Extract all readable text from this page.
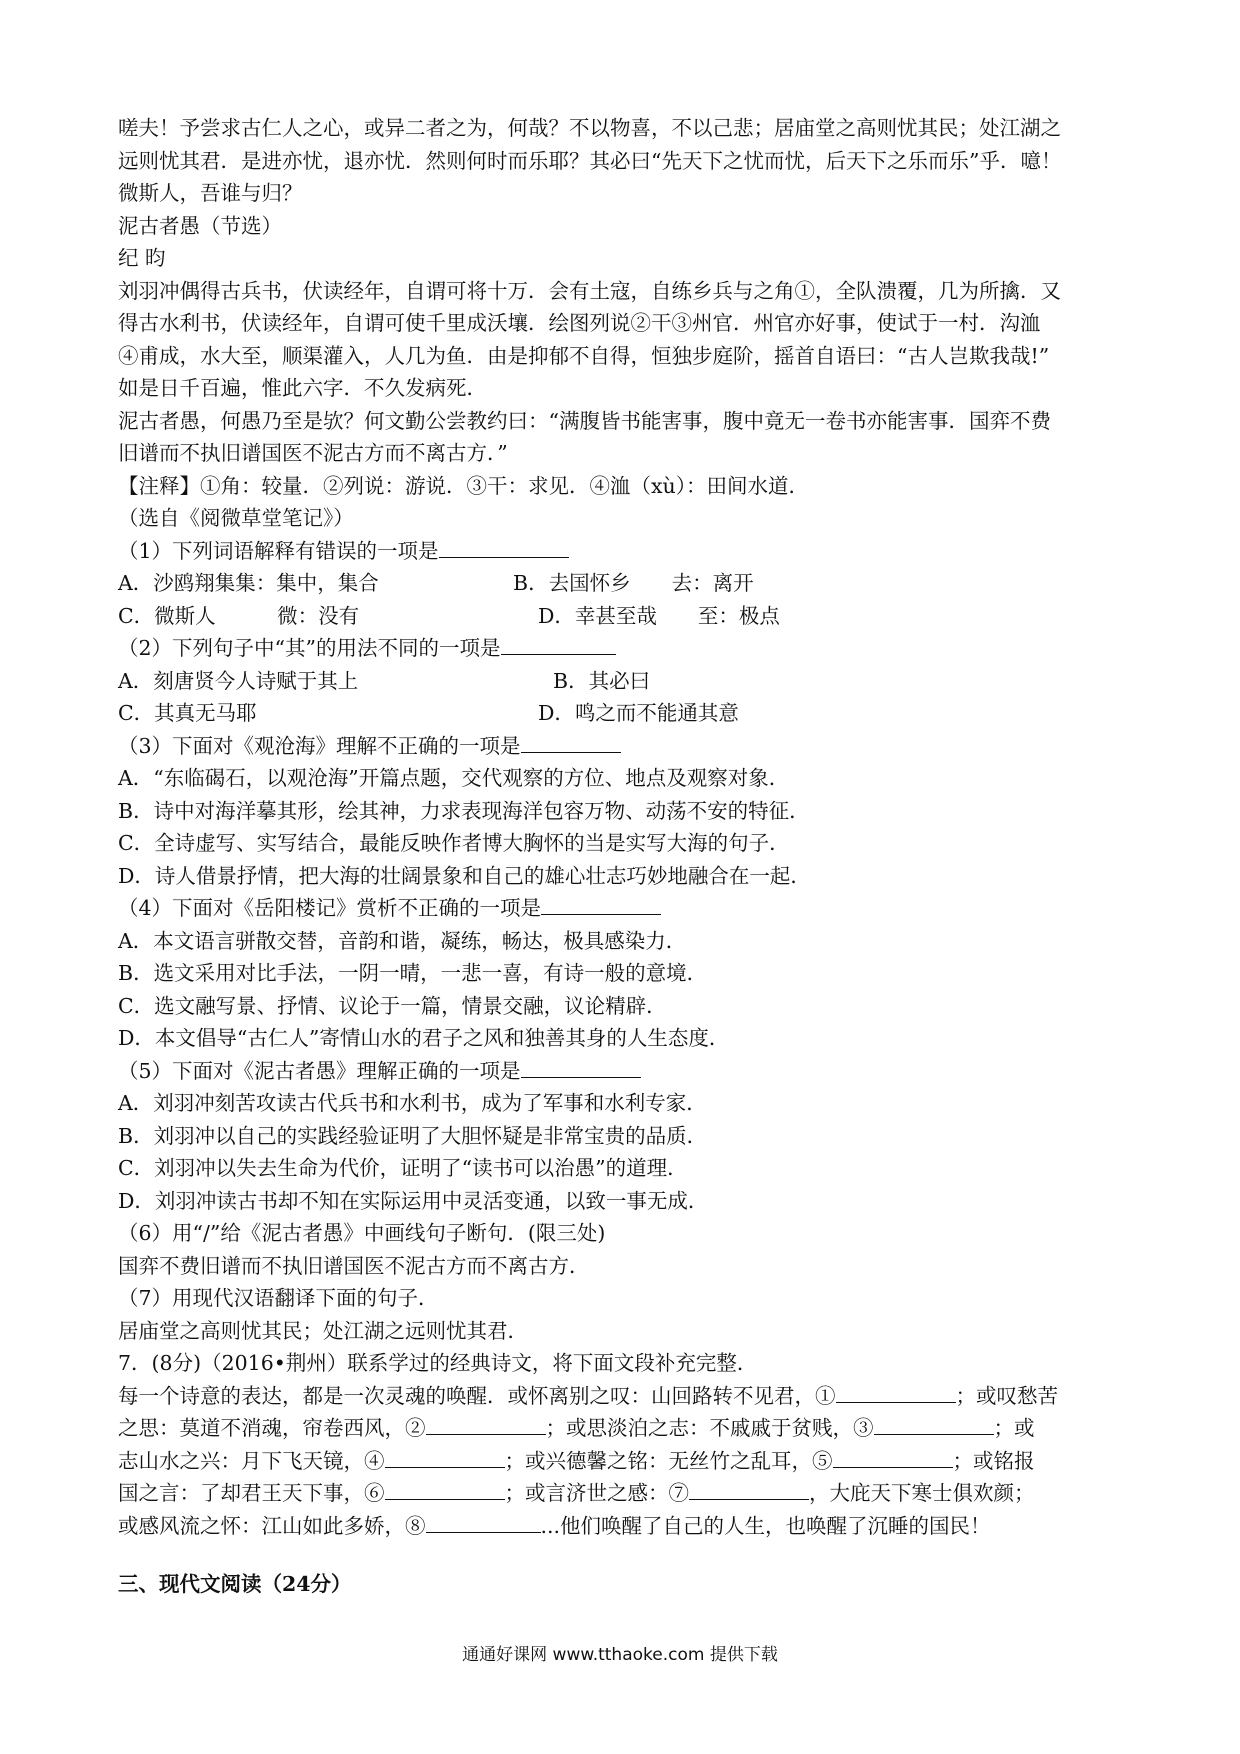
嗟夫！予尝求古仁人之心，或异二者之为，何哉？不以物喜，不以己悲；居庙堂之高则忧其民；处江湖之
远则忧其君．是进亦忧，退亦忧．然则何时而乐耶？其必曰“先天下之忧而忧，后天下之乐而乐”乎．噫！
微斯人，吾谁与归？
泥古者愚（节选）
纪 昀
刘羽冲偶得古兵书，伏读经年，自谓可将十万．会有土寇，自练乡兵与之角①，全队溃覆，几为所擒．又
得古水利书，伏读经年，自谓可使千里成沃壤．绘图列说②干③州官．州官亦好事，使试于一村．沟洫
④甫成，水大至，顺渠灌入，人几为鱼．由是抑郁不自得，恒独步庭阶，摇首自语曰：“古人岂欺我哉!”
如是日千百遍，惟此六字．不久发病死．
泥古者愚，何愚乃至是欤？何文勤公尝教约曰：“满腹皆书能害事，腹中竟无一卷书亦能害事．国弈不费
旧谱而不执旧谱国医不泥古方而不离古方．”
【注释】①角：较量．②列说：游说．③干：求见．④洫（xù）：田间水道．
（选自《阅微草堂笔记》）
（1）下列词语解释有错误的一项是
A．沙鸥翔集集：集中，集合	B．去国怀乡　　去：离开
C．微斯人　　　微：没有	D．幸甚至哉　　至：极点
（2）下列句子中“其”的用法不同的一项是
A．刻唐贤今人诗赋于其上	B．其必曰
C．其真无马耶	D．鸣之而不能通其意
（3）下面对《观沧海》理解不正确的一项是
A．“东临碣石，以观沧海”开篇点题，交代观察的方位、地点及观察对象．
B．诗中对海洋摹其形，绘其神，力求表现海洋包容万物、动荡不安的特征．
C．全诗虚写、实写结合，最能反映作者博大胸怀的当是实写大海的句子．
D．诗人借景抒情，把大海的壮阔景象和自己的雄心壮志巧妙地融合在一起．
（4）下面对《岳阳楼记》赏析不正确的一项是
A．本文语言骈散交替，音韵和谐，凝练，畅达，极具感染力．
B．选文采用对比手法，一阴一晴，一悲一喜，有诗一般的意境．
C．选文融写景、抒情、议论于一篇，情景交融，议论精辟．
D．本文倡导“古仁人”寄情山水的君子之风和独善其身的人生态度．
（5）下面对《泥古者愚》理解正确的一项是
A．刘羽冲刻苦攻读古代兵书和水利书，成为了军事和水利专家．
B．刘羽冲以自己的实践经验证明了大胆怀疑是非常宝贵的品质．
C．刘羽冲以失去生命为代价，证明了“读书可以治愚”的道理．
D．刘羽冲读古书却不知在实际运用中灵活变通，以致一事无成．
（6）用“/”给《泥古者愚》中画线句子断句．(限三处)
国弈不费旧谱而不执旧谱国医不泥古方而不离古方．
（7）用现代汉语翻译下面的句子．
居庙堂之高则忧其民；处江湖之远则忧其君．
7．(8分)（2016•荆州）联系学过的经典诗文，将下面文段补充完整．
每一个诗意的表达，都是一次灵魂的唤醒．或怀离别之叹：山回路转不见君，①	；或叹愁苦
之思：莫道不消魂，帘卷西风，②	；或思淡泊之志：不戚戚于贫贱，③	；或
志山水之兴：月下飞天镜，④	；或兴德馨之铭：无丝竹之乱耳，⑤	；或铭报
国之言：了却君王天下事，⑥	；或言济世之感：⑦	，大庇天下寒士俱欢颜；
或感风流之怀：江山如此多娇，⑧	...他们唤醒了自己的人生，也唤醒了沉睡的国民！
三、现代文阅读（24分）
通通好课网 www.tthaoke.com 提供下载
